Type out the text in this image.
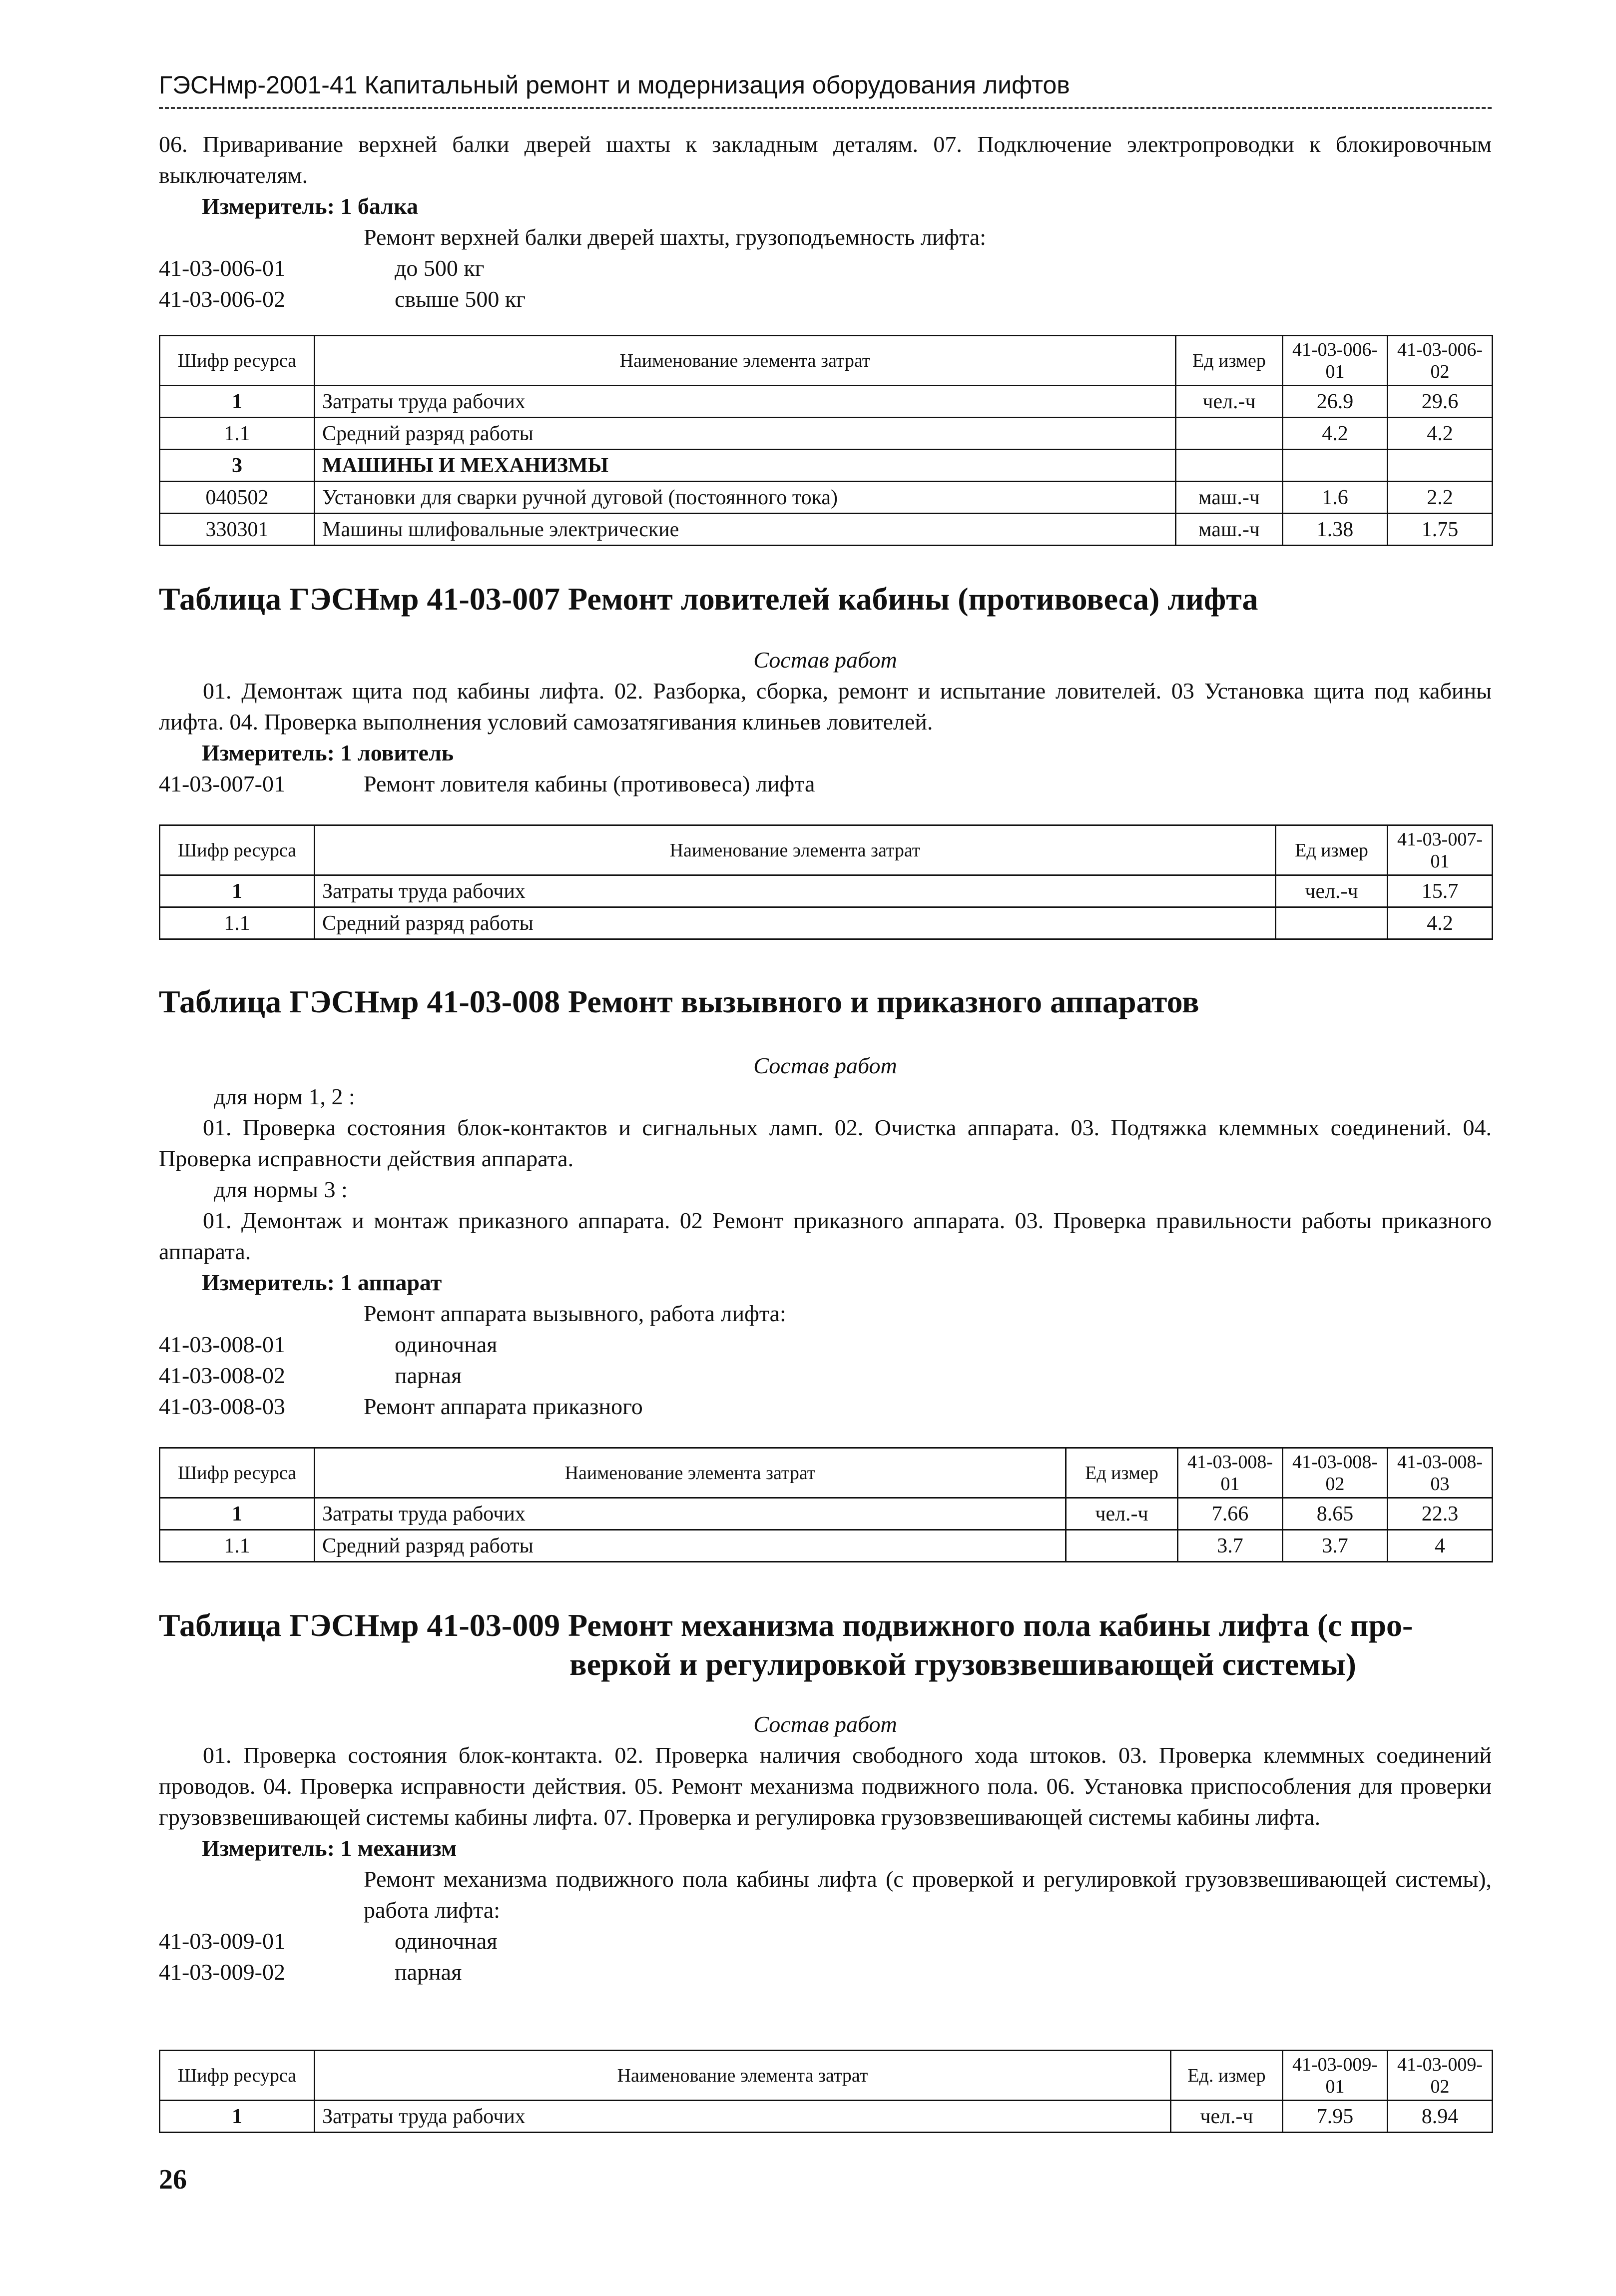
ГЭСНмр-2001-41 Капитальный ремонт и модернизация оборудования лифтов
06. Приваривание верхней балки дверей шахты к закладным деталям. 07. Подключение электропроводки к блокировочным выключателям.
Измеритель: 1 балка
Ремонт верхней балки дверей шахты, грузоподъемность лифта:
41-03-006-01	до 500 кг
41-03-006-02	свыше 500 кг
Шифр ресурса	Наименование элемента затрат	Ед измер	41-03-006-01	41-03-006-02
1	Затраты труда рабочих	чел.-ч	26.9	29.6
1.1	Средний разряд работы		4.2	4.2
3	МАШИНЫ И МЕХАНИЗМЫ			
040502	Установки для сварки ручной дуговой (постоянного тока)	маш.-ч	1.6	2.2
330301	Машины шлифовальные электрические	маш.-ч	1.38	1.75
Таблица ГЭСНмр 41-03-007 Ремонт ловителей кабины (противовеса) лифта
Состав работ
01. Демонтаж щита под кабины лифта. 02. Разборка, сборка, ремонт и испытание ловителей. 03 Установка щита под кабины лифта. 04. Проверка выполнения условий самозатягивания клиньев ловителей.
Измеритель: 1 ловитель
41-03-007-01	Ремонт ловителя кабины (противовеса) лифта
Шифр ресурса	Наименование элемента затрат	Ед измер	41-03-007-01
1	Затраты труда рабочих	чел.-ч	15.7
1.1	Средний разряд работы		4.2
Таблица ГЭСНмр 41-03-008 Ремонт вызывного и приказного аппаратов
Состав работ
для норм 1, 2 :
01. Проверка состояния блок-контактов и сигнальных ламп. 02. Очистка аппарата. 03. Подтяжка клеммных соединений. 04. Проверка исправности действия аппарата.
для нормы 3 :
01. Демонтаж и монтаж приказного аппарата. 02 Ремонт приказного аппарата. 03. Проверка правильности работы приказного аппарата.
Измеритель: 1 аппарат
Ремонт аппарата вызывного, работа лифта:
41-03-008-01	одиночная
41-03-008-02	парная
41-03-008-03	Ремонт аппарата приказного
Шифр ресурса	Наименование элемента затрат	Ед измер	41-03-008-01	41-03-008-02	41-03-008-03
1	Затраты труда рабочих	чел.-ч	7.66	8.65	22.3
1.1	Средний разряд работы		3.7	3.7	4
Таблица ГЭСНмр 41-03-009 Ремонт механизма подвижного пола кабины лифта (с про-
веркой и регулировкой грузовзвешивающей системы)
Состав работ
01. Проверка состояния блок-контакта. 02. Проверка наличия свободного хода штоков. 03. Проверка клеммных соединений проводов. 04. Проверка исправности действия. 05. Ремонт механизма подвижного пола. 06. Установка приспособления для проверки грузовзвешивающей системы кабины лифта. 07. Проверка и регулировка грузовзвешивающей системы кабины лифта.
Измеритель: 1 механизм
Ремонт механизма подвижного пола кабины лифта (с проверкой и регулировкой грузовзвешивающей системы), работа лифта:
41-03-009-01	одиночная
41-03-009-02	парная
Шифр ресурса	Наименование элемента затрат	Ед. измер	41-03-009-01	41-03-009-02
1	Затраты труда рабочих	чел.-ч	7.95	8.94
26
